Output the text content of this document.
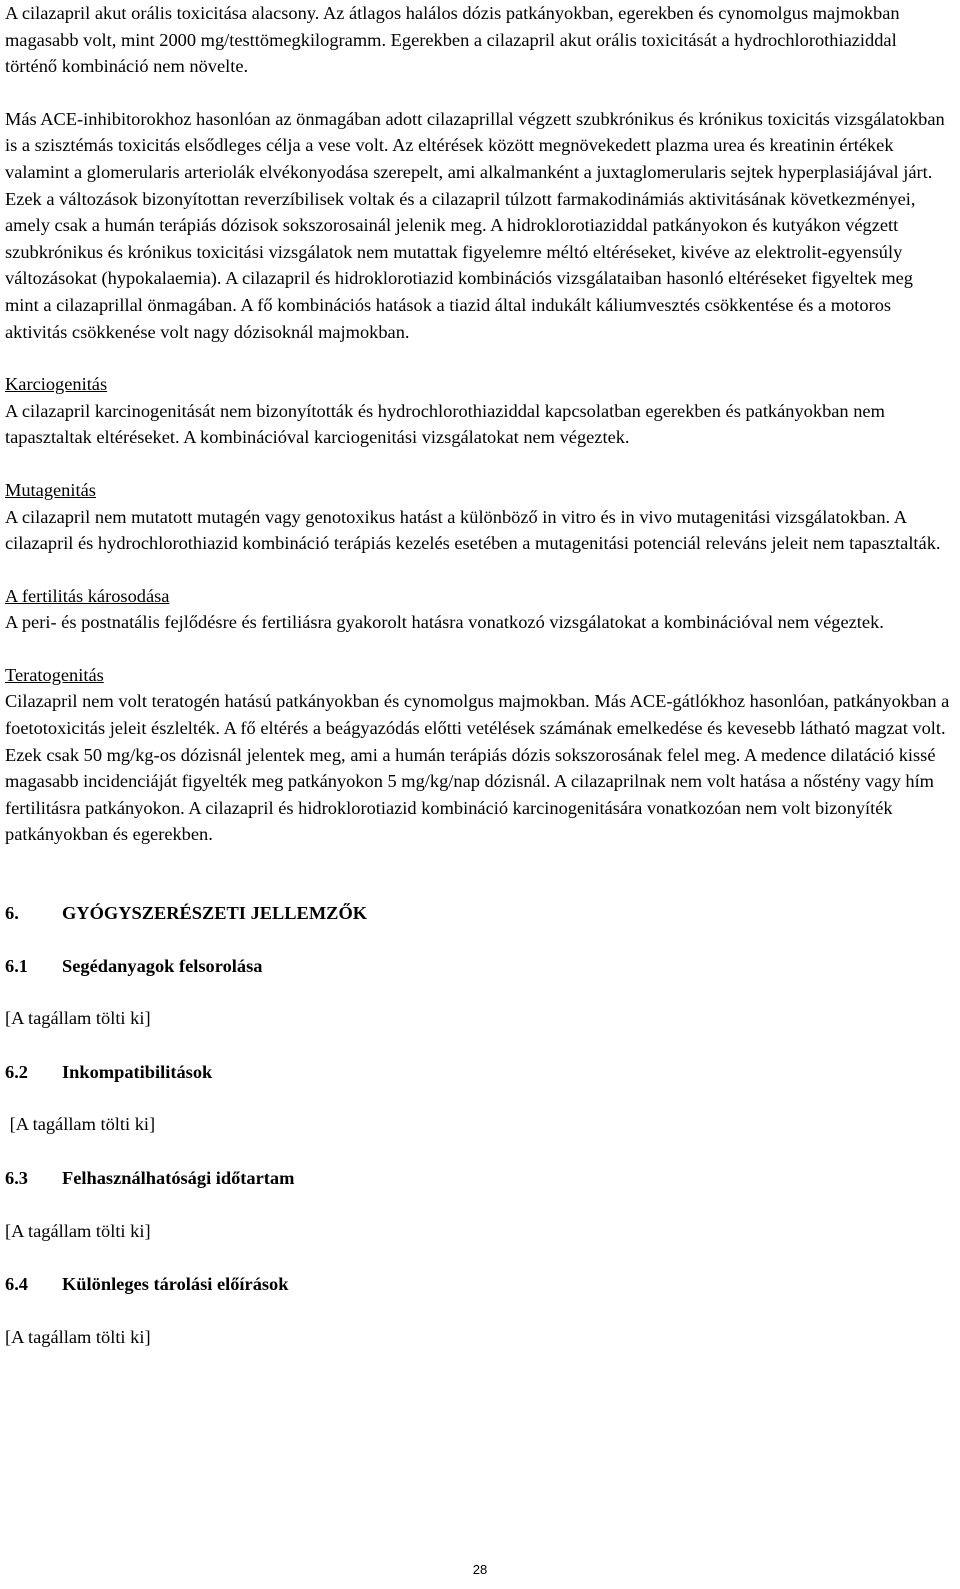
A cilazapril akut orális toxicitása alacsony. Az átlagos halálos dózis patkányokban, egerekben és cynomolgus majmokban magasabb volt, mint 2000 mg/testtömegkilogramm. Egerekben a cilazapril akut orális toxicitását a hydrochlorothiaziddal történő kombináció nem növelte.

Más ACE-inhibitorokhoz hasonlóan az önmagában adott cilazaprillal végzett szubkrónikus és krónikus toxicitás vizsgálatokban is a szisztémás toxicitás elsődleges célja a vese volt. Az eltérések között megnövekedett plazma urea és kreatinin értékek valamint a glomerularis arteriolák elvékonyodása szerepelt, ami alkalmanként a juxtaglomerularis sejtek hyperplasiájával járt. Ezek a változások bizonyítottan reverzíbilisek voltak és a cilazapril túlzott farmakodinámiás aktivitásának következményei, amely csak a humán terápiás dózisok sokszorosainál jelenik meg. A hidroklorotiaziddal patkányokon és kutyákon végzett szubkrónikus és krónikus toxicitási vizsgálatok nem mutattak figyelemre méltó eltéréseket, kivéve az elektrolit-egyensúly változásokat (hypokalaemia). A cilazapril és hidroklorotiazid kombinációs vizsgálataiban hasonló eltéréseket figyeltek meg mint a cilazaprillal önmagában. A fő kombinációs hatások a tiazid által indukált káliumvesztés csökkentése és a motoros aktivitás csökkenése volt nagy dózisoknál majmokban.

Karciogenitás

A cilazapril karcinogenitását nem bizonyították és hydrochlorothiaziddal kapcsolatban egerekben és patkányokban nem tapasztaltak eltéréseket. A kombinációval karciogenitási vizsgálatokat nem végeztek.

Mutagenitás

A cilazapril nem mutatott mutagén vagy genotoxikus hatást a különböző in vitro és in vivo mutagenitási vizsgálatokban. A cilazapril és hydrochlorothiazid kombináció terápiás kezelés esetében a mutagenitási potenciál releváns jeleit nem tapasztalták.

A fertilitás károsodása

A peri- és postnatális fejlődésre és fertiliásra gyakorolt hatásra vonatkozó vizsgálatokat a kombinációval nem végeztek.

Teratogenitás

Cilazapril nem volt teratogén hatású patkányokban és cynomolgus majmokban. Más ACE-gátlókhoz hasonlóan, patkányokban a foetotoxicitás jeleit észlelték. A fő eltérés a beágyazódás előtti vetélések számának emelkedése és kevesebb látható magzat volt. Ezek csak 50 mg/kg-os dózisnál jelentek meg, ami a humán terápiás dózis sokszorosának felel meg. A medence dilatáció kissé magasabb incidenciáját figyelték meg patkányokon 5 mg/kg/nap dózisnál. A cilazaprilnak nem volt hatása a nőstény vagy hím fertilitásra patkányokon. A cilazapril és hidroklorotiazid kombináció karcinogenitására vonatkozóan nem volt bizonyíték patkányokban és egerekben.

6. GYÓGYSZERÉSZETI JELLEMZŐK

6.1 Segédanyagok felsorolása

[A tagállam tölti ki]

6.2 Inkompatibilitások

[A tagállam tölti ki]

6.3 Felhasználhatósági időtartam

[A tagállam tölti ki]

6.4 Különleges tárolási előírások

[A tagállam tölti ki]

28
